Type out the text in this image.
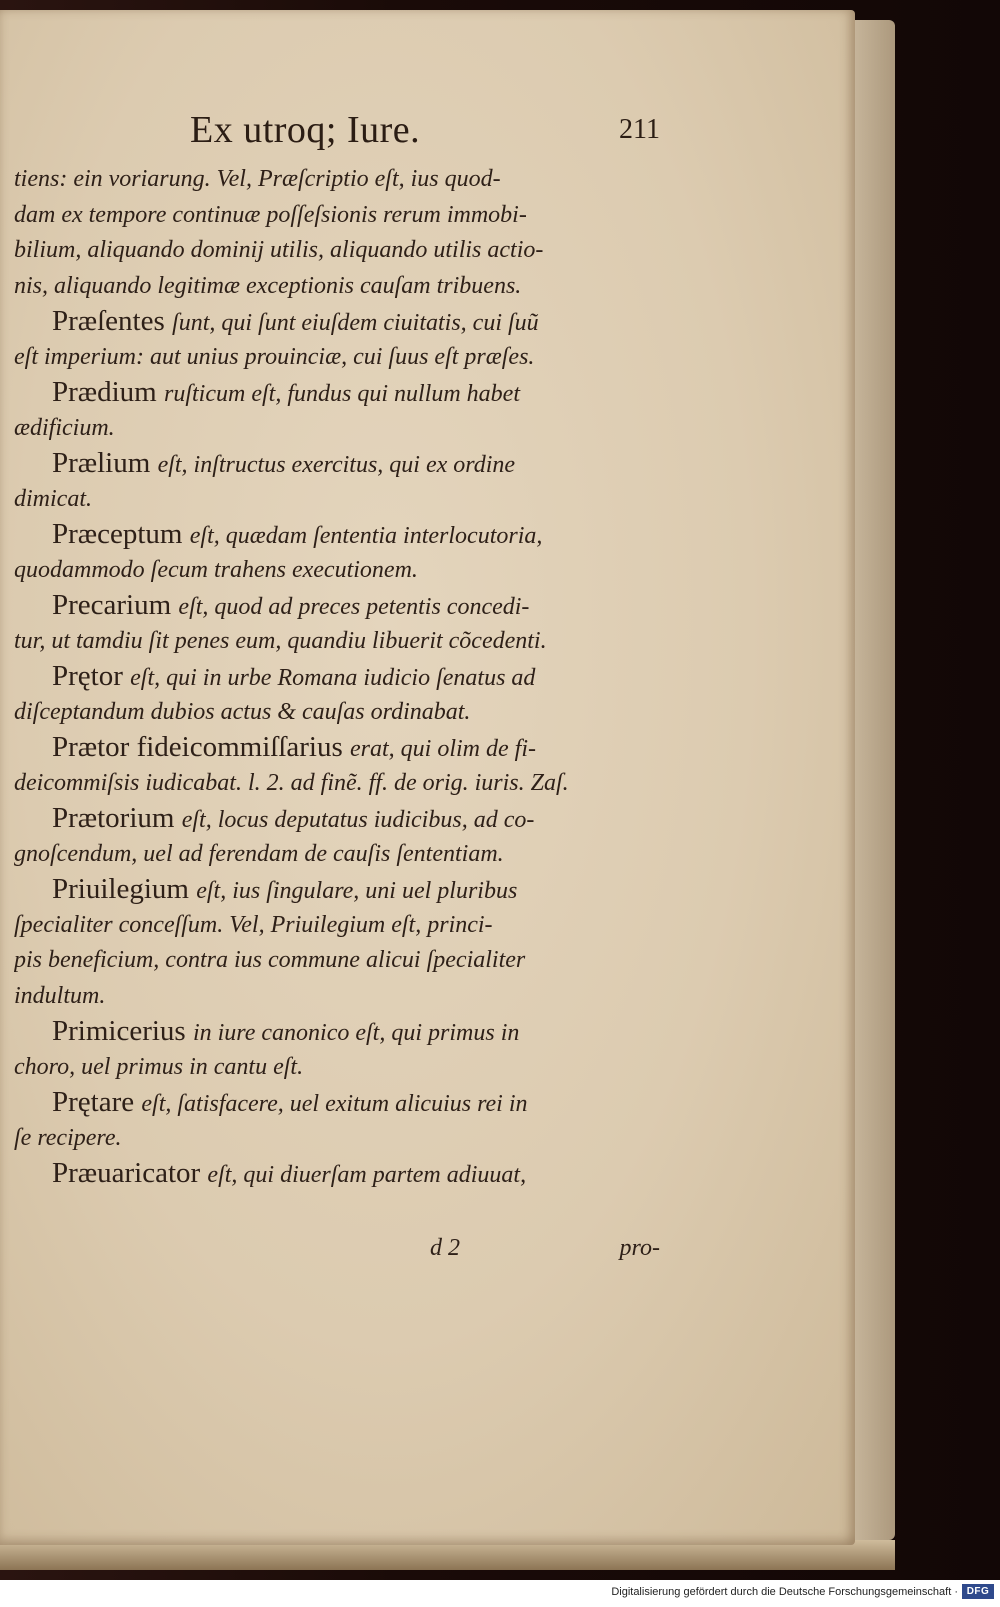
Ex utroq; Iure.	211
tiens: ein voriarung. Vel, Præſcriptio eſt, ius quod-
dam ex tempore continuæ poſſeſsionis rerum immobi-
bilium, aliquando dominij utilis, aliquando utilis actio-
nis, aliquando legitimæ exceptionis cauſam tribuens.
Præſentes ſunt, qui ſunt eiuſdem ciuitatis, cui ſuũ
eſt imperium: aut unius prouinciæ, cui ſuus eſt præſes.
Prædium ruſticum eſt, fundus qui nullum habet
ædificium.
Prælium eſt, inſtructus exercitus, qui ex ordine
dimicat.
Præceptum eſt, quædam ſententia interlocutoria,
quodammodo ſecum trahens executionem.
Precarium eſt, quod ad preces petentis concedi-
tur, ut tamdiu ſit penes eum, quandiu libuerit cõcedenti.
Prętor eſt, qui in urbe Romana iudicio ſenatus ad
diſceptandum dubios actus & cauſas ordinabat.
Prætor fideicommiſſarius erat, qui olim de fi-
deicommiſsis iudicabat. l. 2. ad finẽ. ff. de orig. iuris. Zaſ.
Prætorium eſt, locus deputatus iudicibus, ad co-
gnoſcendum, uel ad ferendam de cauſis ſententiam.
Priuilegium eſt, ius ſingulare, uni uel pluribus
ſpecialiter conceſſum. Vel, Priuilegium eſt, princi-
pis beneficium, contra ius commune alicui ſpecialiter
indultum.
Primicerius in iure canonico eſt, qui primus in
choro, uel primus in cantu eſt.
Prętare eſt, ſatisfacere, uel exitum alicuius rei in
ſe recipere.
Præuaricator eſt, qui diuerſam partem adiuuat,
d 2	pro-
Digitalisierung gefördert durch die Deutsche Forschungsgemeinschaft · DFG
